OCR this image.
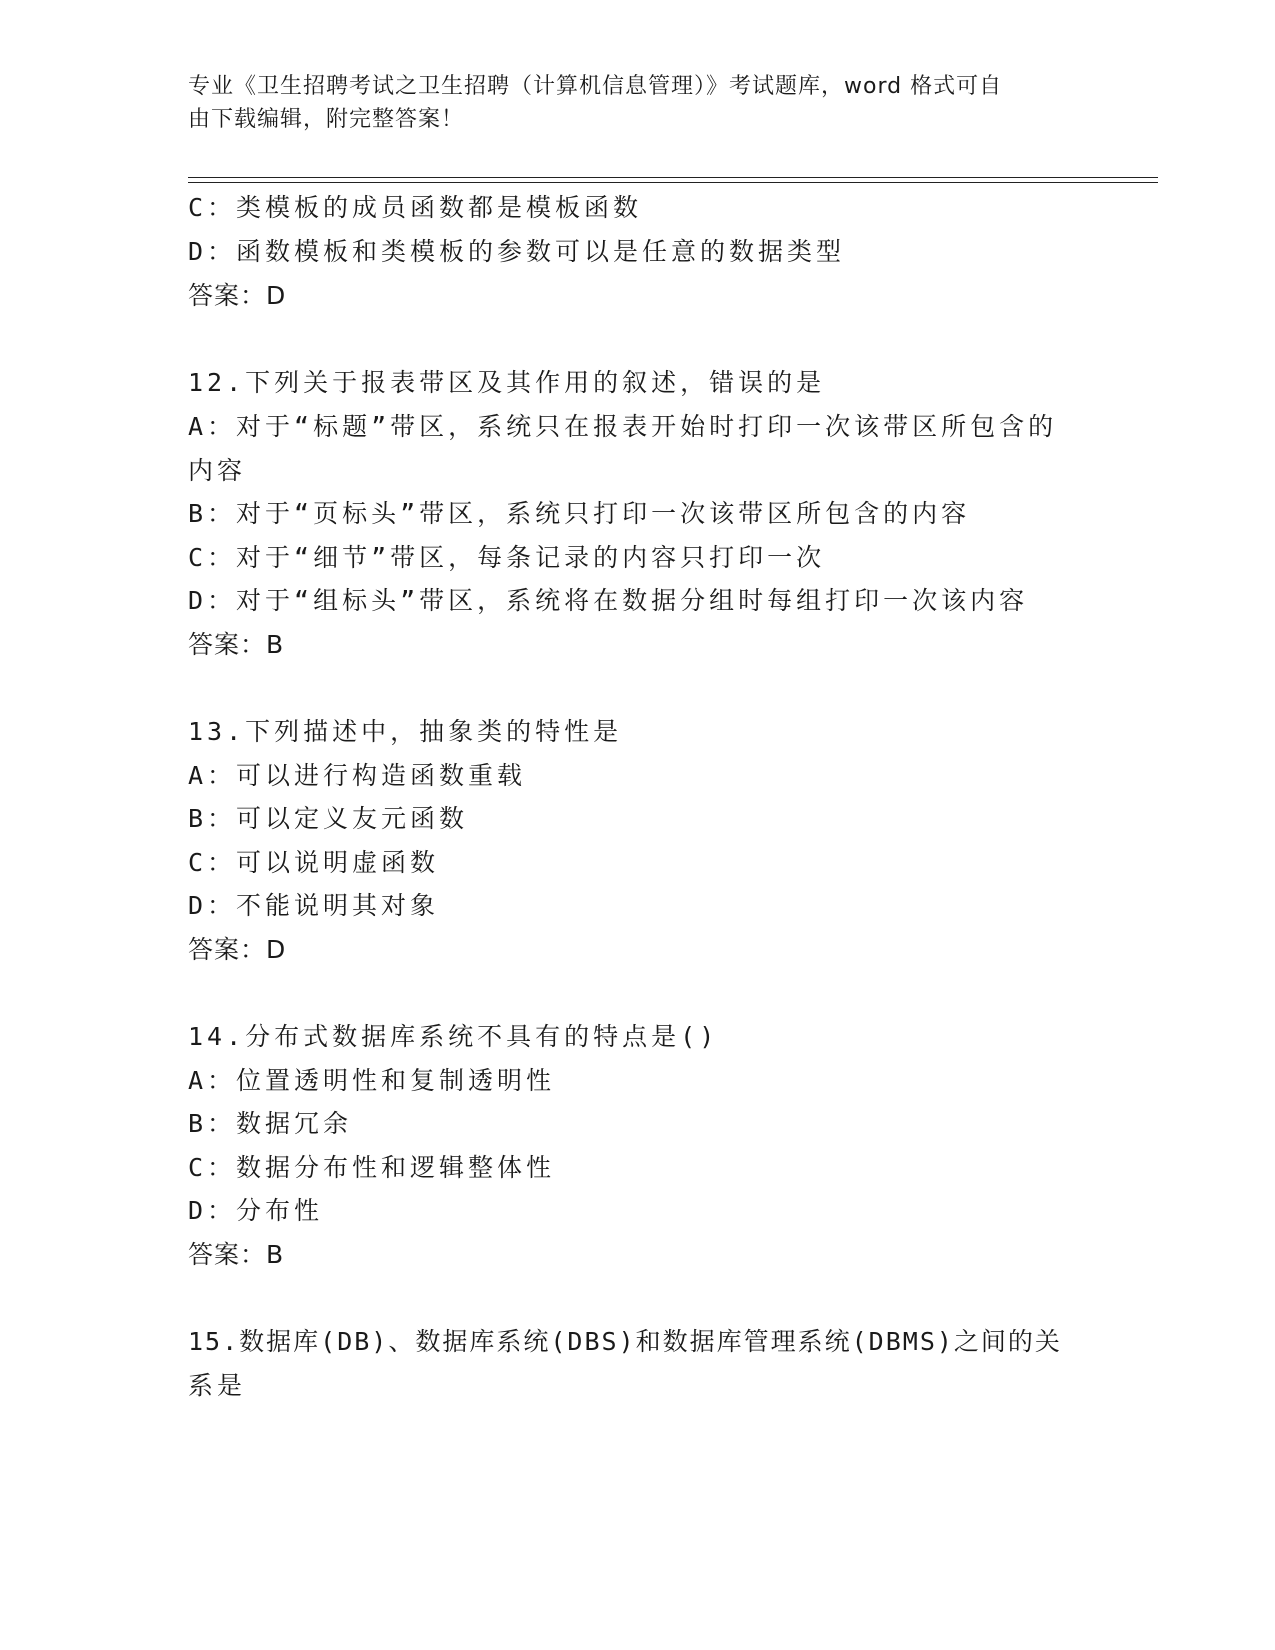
专业《卫生招聘考试之卫生招聘（计算机信息管理）》考试题库，word 格式可自
由下载编辑，附完整答案！
C：类模板的成员函数都是模板函数
D：函数模板和类模板的参数可以是任意的数据类型
答案：D
12.下列关于报表带区及其作用的叙述，错误的是
A：对于“标题”带区，系统只在报表开始时打印一次该带区所包含的
内容
B：对于“页标头”带区，系统只打印一次该带区所包含的内容
C：对于“细节”带区，每条记录的内容只打印一次
D：对于“组标头”带区，系统将在数据分组时每组打印一次该内容
答案：B
13.下列描述中，抽象类的特性是
A：可以进行构造函数重载
B：可以定义友元函数
C：可以说明虚函数
D：不能说明其对象
答案：D
14.分布式数据库系统不具有的特点是()
A：位置透明性和复制透明性
B：数据冗余
C：数据分布性和逻辑整体性
D：分布性
答案：B
15.数据库(DB)、数据库系统(DBS)和数据库管理系统(DBMS)之间的关
系是
